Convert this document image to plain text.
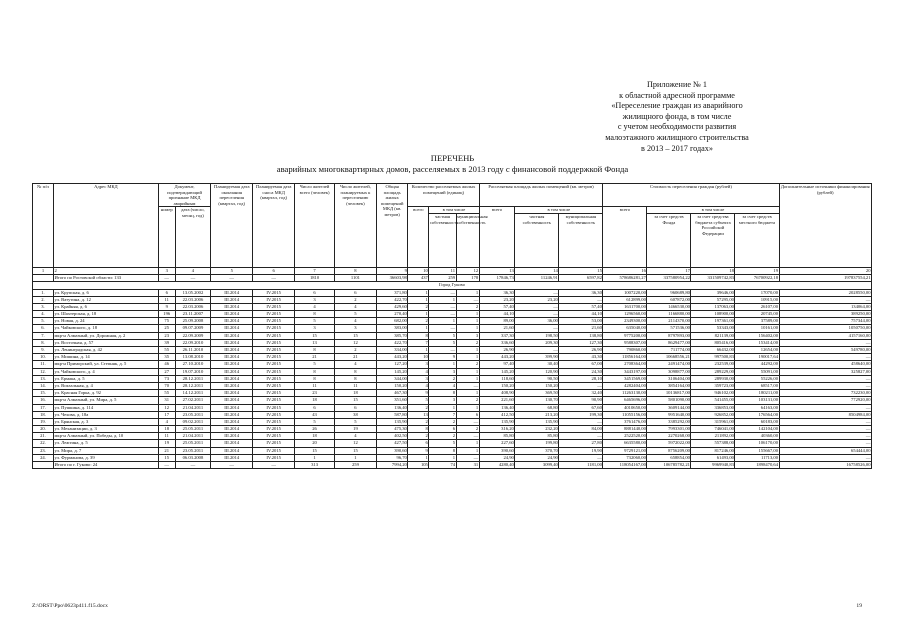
Приложение № 1
к областной адресной программе
«Переселение граждан из аварийного
жилищного фонда, в том числе
с учетом необходимости развития
малоэтажного жилищного строительства
в 2013 – 2017 годах»
ПЕРЕЧЕНЬ
аварийных многоквартирных домов, расселяемых в 2013 году с финансовой поддержкой Фонда
№ п/п	Адрес МКД	Документ, подтверждающий признание МКД аварийным		Планируемая дата окончания переселения (квартал, год)	Планируемая дата сноса МКД (квартал, год)	Число жителей всего (человек)	Число жителей, планируемых к переселению (человек)	Общая площадь жилых помещений МКД (кв. метров)	Количество расселяемых жилых помещений (единиц)			Расселяемая площадь жилых помещений (кв. метров)			Стоимость переселения граждан (рублей)				Дополнительные источники финансирования (рублей)
		номер	дата (число, месяц, год)						всего	в том числе		всего	в том числе		всего	в том числе			
										частная собственность	муниципальная собственность		частная собственность	муниципальная собственность		за счет средств Фонда	за счет средства бюджета субъекта Российской Федерации	за счет средств местного бюджета	
1	2	3	4	5	6	7	8	9	10	11	12	13	14	15	16	17	18	19	20
	Итого по Ростовской области: 133	—	—	—	—	1810	1101	36603,98	437	259	178	17846,73	11246,91	6597,82	578686281,27	337580954,22	331509742,83	76700922,18	197837554,21
Город Гуково																			
1.	ул. Крупская, д. 6	6	13.05.2002	III.2014	IV.2015	6	6	371,80	1	—	1	36,30	—	36,30	1007220,00	960689,80	39646,00	17070,00	2028550,00
2.	ул. Ватутина, д. 12	11	22.03.2006	III.2014	IV.2015	3	2	422,70	1	1	—	23,20	23,20	—	612899,00	607872,00	57295,00	10915,00	—
3.	ул. Крайняя, д. 6	9	22.03.2006	III.2014	IV.2015	4	4	429,60	2	—	2	57,40	—	57,40	1631700,00	1466530,00	137063,00	26107,00	134064,00
4.	ул. Шахтерская, д. 18	196	23.11.2007	III.2014	IV.2015	8	5	270,40	1	—	1	44,10	—	44,10	1296560,00	1166880,00	108900,00	20745,00	389250,00
5.	ул. Новая, д. 24	75	25.09.2008	III.2014	IV.2015	5	4	682,00	2	1	1	89,00	36,00	53,00	2349300,00	2114370,00	197361,00	37589,00	757344,00
6.	ул. Чайковского, д. 18	25	09.07.2009	III.2014	IV.2015	3	3	383,00	1	—	1	21,60	—	21,60	635040,00	571536,00	53343,00	10161,00	1050750,00
7.	мкр-н Алмазный, ул. Дорожная, д. 2	23	22.09.2009	III.2014	IV.2015	15	15	385,70	8	5	3	337,30	198,50	138,80	9775200,00	8797893,00	821139,00	156402,00	4157160,00
8.	ул. Восточная, д. 57	39	22.09.2010	III.2014	IV.2015	13	12	422,70	7	5	2	336,60	209,30	127,30	9588307,00	8629477,00	805416,00	153414,00	—
9.	ул. Ленинградская, д. 42	55	26.11.2010	III.2014	IV.2015	8	2	334,00	1	—	1	26,90	—	26,90	790860,00	711774,00	66432,00	12654,00	549780,00
10.	ул. Мишина, д. 14	35	13.08.2010	III.2014	IV.2015	21	21	443,20	10	9	1	443,20	399,90	43,30	11856164,00	10668556,21	997500,83	190017,64	—
11.	мкр-н Приморский, ул. Степняк, д. 5	46	27.10.2010	III.2014	IV.2015	5	4	127,20	3	1	2	97,40	30,40	67,00	2708364,00	2491474,00	232539,00	44292,00	458640,00
12.	ул. Чайковского, д. 4	27	19.07.2010	III.2014	IV.2015	8	8	145,20	4	3	1	145,20	120,90	24,30	3443197,00	3098877,00	289229,00	55091,00	325827,00
13.	ул. Ермака, д. 5	73	28.12.2011	III.2014	IV.2015	8	8	344,00	3	2	1	118,60	90,50	28,10	3451569,00	3106404,00	289930,00	55226,00	—
14.	ул. Вокзальная, д. 4	70	28.12.2011	III.2014	IV.2015	11	11	150,20	4	4	—	150,20	150,20	—	4282404,00	3854164,00	359723,00	68517,00	—
15.	ул. Красная Горка, д. 92	55	14.12.2011	III.2014	IV.2015	23	18	467,30	9	8	1	408,90	369,50	32,40	11263130,00	10136817,00	946102,00	180211,00	732230,00
16.	мкр-н Алмазный, ул. Мира, д. 5	31	27.02.2011	III.2014	IV.2015	18	15	351,60	5	3	2	221,60	130,70	90,90	6465696,00	5801090,00	541455,00	103131,00	772920,00
17.	ул. Пушкина, д. 114	12	21.04.2011	III.2014	IV.2015	6	6	136,40	2	1	1	136,40	68,80	67,60	4010650,00	3609144,00	336853,00	64163,00	—
18.	ул. Чехова, д. 18а	17	23.05.2011	III.2014	IV.2015	43	38	587,80	13	7	6	412,50	213,20	199,30	11055156,00	9951640,00	926852,00	176564,00	8504984,00
19.	ул. Брянская, д. 3	4	09.02.2011	III.2014	IV.2015	5	5	135,90	2	2	—	135,90	135,90	—	3761476,00	3385292,00	315961,00	60183,00	—
20.	ул. Механизации, д. 3	18	25.05.2011	III.2014	IV.2015	26	19	475,30	8	6	2	316,20	232,20	84,00	8881440,00	7993301,00	746041,00	142104,00	—
21.	мкр-н Алмазный, ул. Победы, д. 10	11	21.04.2011	III.2014	IV.2015	18	4	402,50	2	2	—	85,80	85,80	—	2522520,00	2270268,00	211892,00	40360,00	—
22.	ул. Лежтина, д. 5	19	25.05.2011	III.2014	IV.2015	20	12	427,50	6	5	1	227,60	199,80	27,80	6635580,00	5972022,00	557388,00	106170,00	—
23.	ул. Мира, д. 7	21	23.05.2011	III.2014	IV.2015	15	15	390,60	9	8	1	390,60	370,70	19,90	9729121,00	8756209,00	817246,00	155667,00	654444,00
24.	ул. Фурманова, д. 39	15	06.03.2008	III.2014	IV.2015	1	1	96,70	1	1	—	24,90	24,90	—	732060,00	658854,00	61493,00	11713,00	—
	Итого по г. Гуково: 24	—	—	—	—	313	259	7994,20	105	74	31	4280,40	3099,40	1181,00	118054167,00	106785782,21	9969940,83	1898470,64	16758526,00
Z:\ORST\Ppo\0623p411.f15.docx	19
